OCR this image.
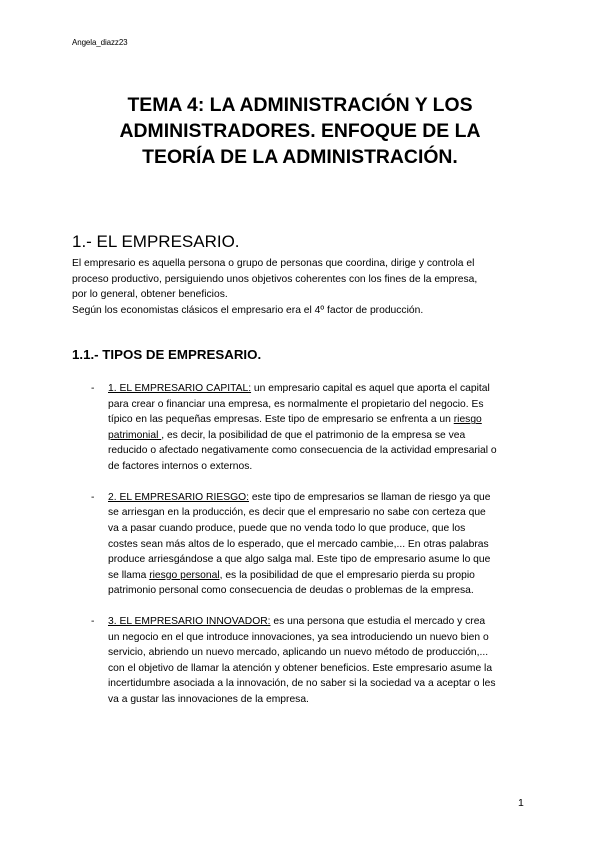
Angela_diazz23
TEMA 4: LA ADMINISTRACIÓN Y LOS
ADMINISTRADORES. ENFOQUE DE LA
TEORÍA DE LA ADMINISTRACIÓN.
1.- EL EMPRESARIO.

El empresario es aquella persona o grupo de personas que coordina, dirige y controla el

proceso productivo, persiguiendo unos objetivos coherentes con los fines de la empresa,

por lo general, obtener beneficios.

Según los economistas clásicos el empresario era el 4º factor de producción.

1.1.- TIPOS DE EMPRESARIO.
- 1. EL EMPRESARIO CAPITAL: un empresario capital es aquel que aporta el capital
para crear o financiar una empresa, es normalmente el propietario del negocio. Es
típico en las pequeñas empresas. Este tipo de empresario se enfrenta a un riesgo
patrimonial , es decir, la posibilidad de que el patrimonio de la empresa se vea
reducido o afectado negativamente como consecuencia de la actividad empresarial o
de factores internos o externos.
- 2. EL EMPRESARIO RIESGO: este tipo de empresarios se llaman de riesgo ya que
se arriesgan en la producción, es decir que el empresario no sabe con certeza que
va a pasar cuando produce, puede que no venda todo lo que produce, que los
costes sean más altos de lo esperado, que el mercado cambie,... En otras palabras
produce arriesgándose a que algo salga mal. Este tipo de empresario asume lo que
se llama riesgo personal, es la posibilidad de que el empresario pierda su propio
patrimonio personal como consecuencia de deudas o problemas de la empresa.
- 3. EL EMPRESARIO INNOVADOR: es una persona que estudia el mercado y crea
un negocio en el que introduce innovaciones, ya sea introduciendo un nuevo bien o
servicio, abriendo un nuevo mercado, aplicando un nuevo método de producción,...
con el objetivo de llamar la atención y obtener beneficios. Este empresario asume la
incertidumbre asociada a la innovación, de no saber si la sociedad va a aceptar o les
va a gustar las innovaciones de la empresa.
1
